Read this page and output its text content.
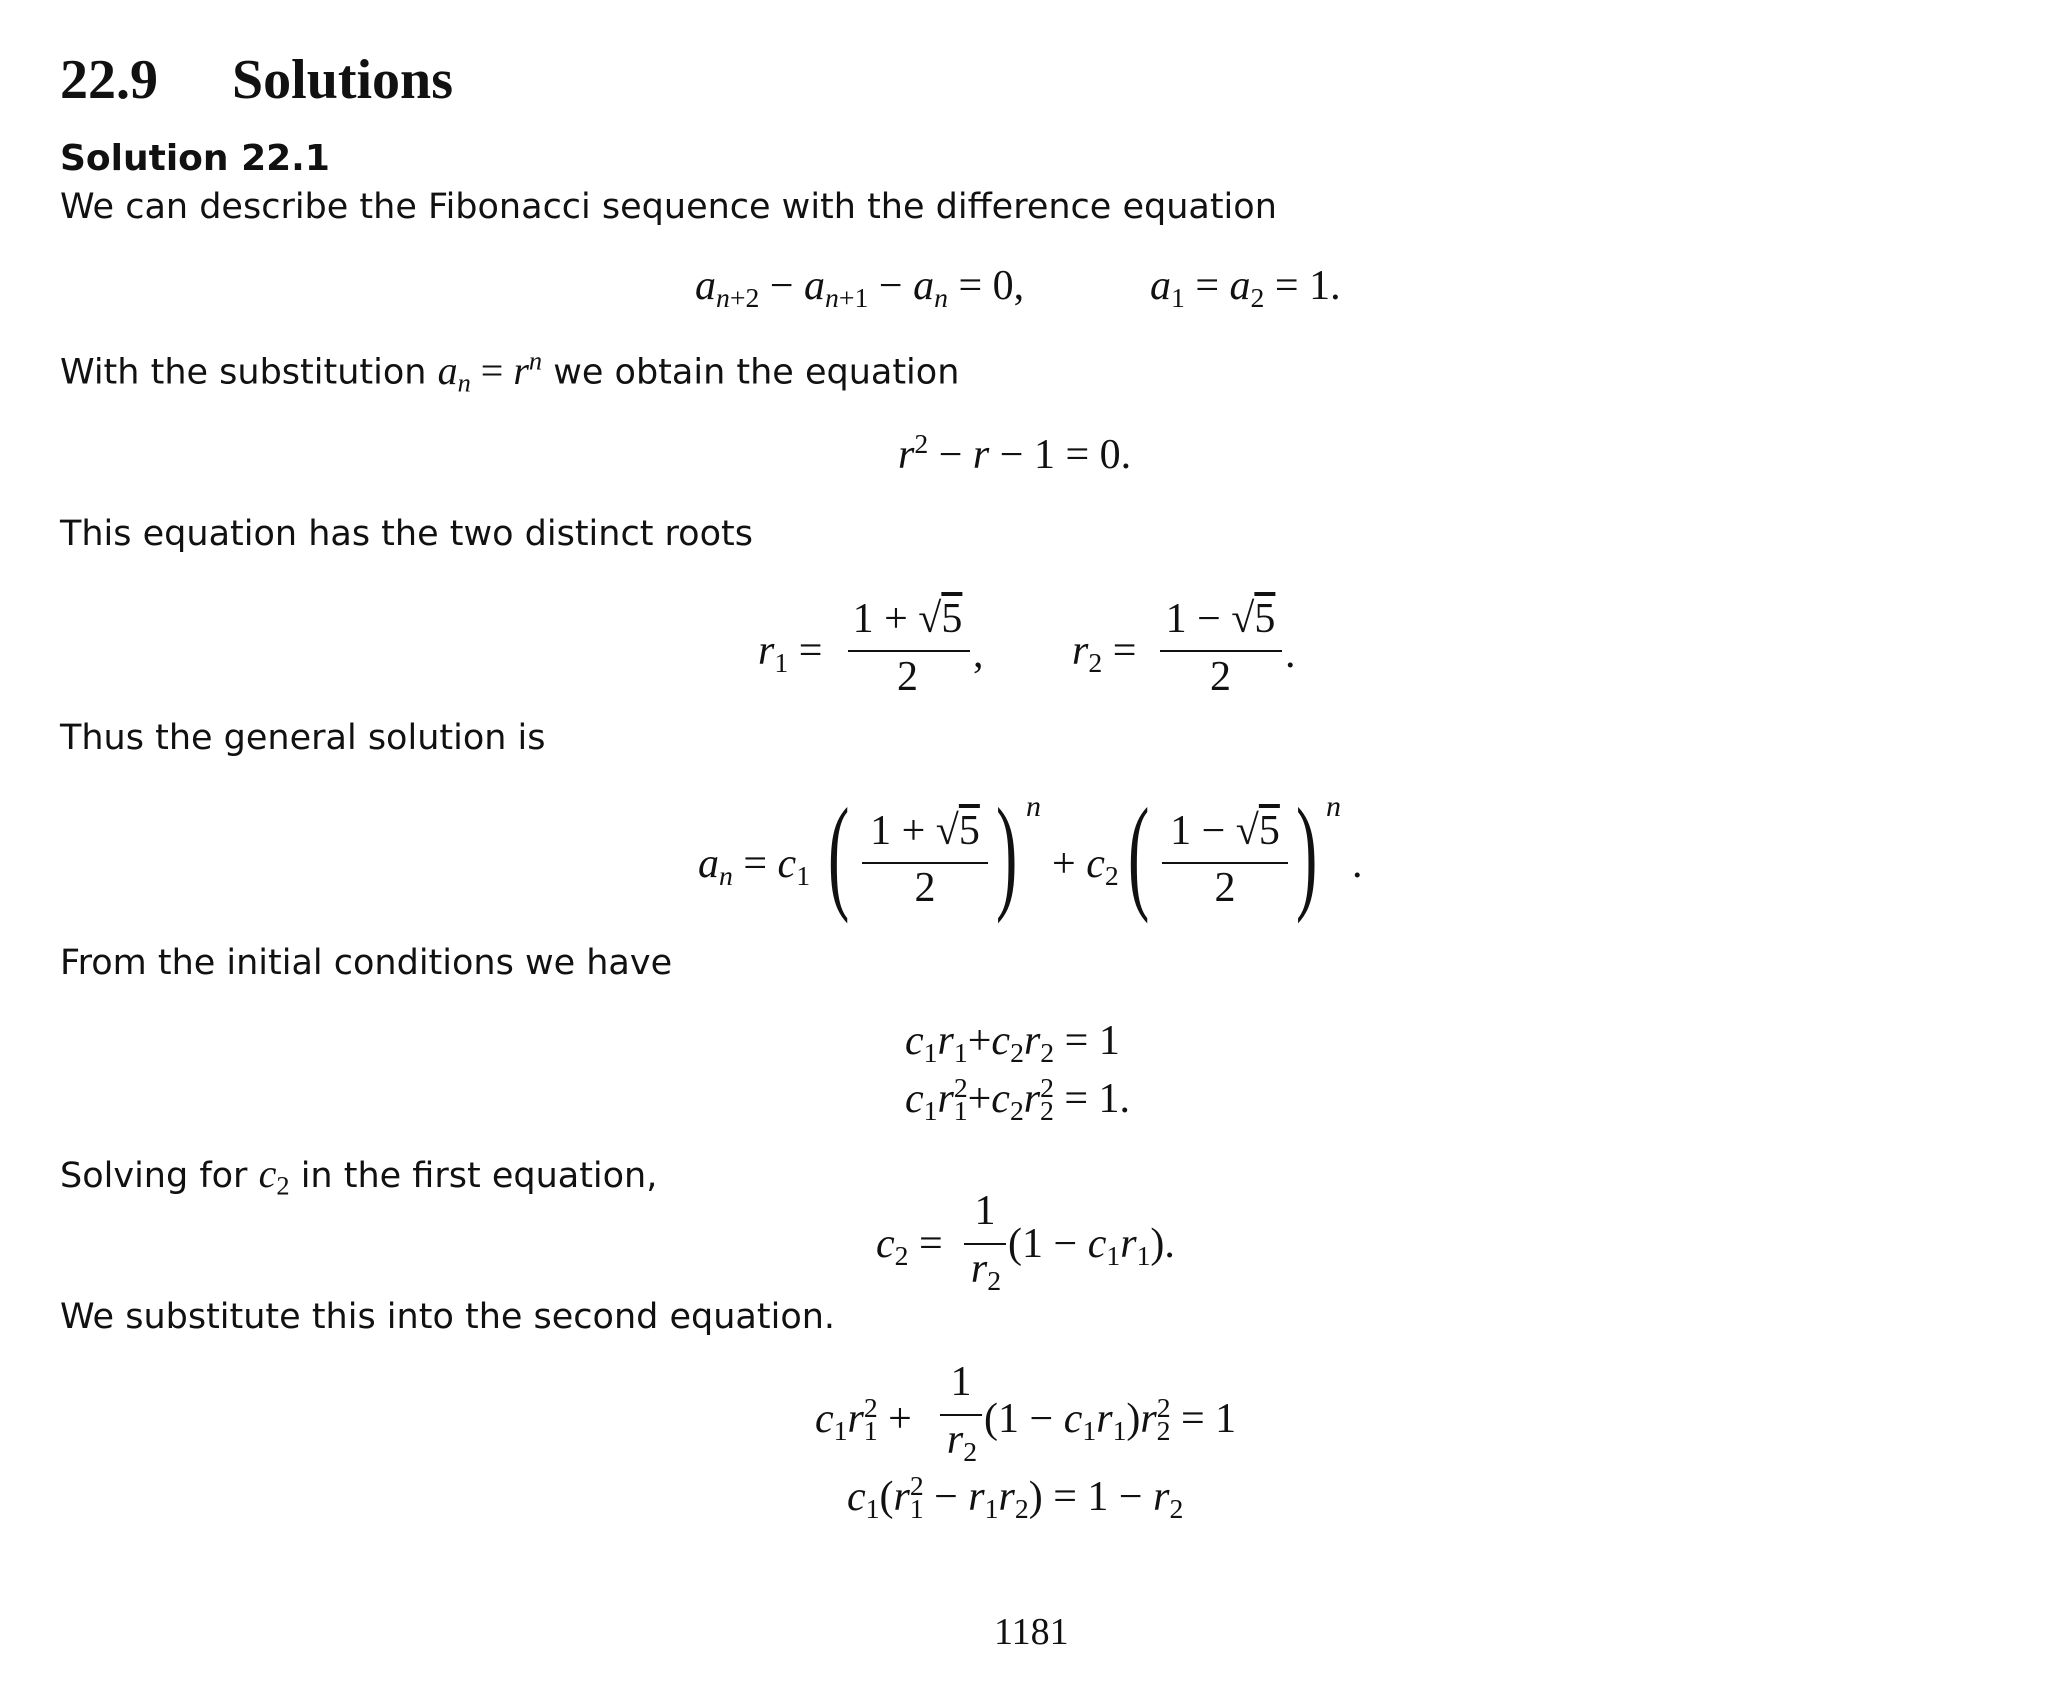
22.9 Solutions
Solution 22.1
We can describe the Fibonacci sequence with the difference equation
$an_{+2} - an_{+1}$ − an = 0,	$a_1 = a_2 = 1$.
With the substitution an = $r^n$ we obtain the equation
$r^2 - r - 1 = 0$.
This equation has the two distinct roots
$r_1$ =
1 + √5
2	, $r_2$ =
1 − √5
2	.
Thus the general solution is
an = $c_1$ ( 1 + √5
2 ) n
+ $c_2$ ( 1 − √5
2 ) n
.
From the initial conditions we have
$c_1r_1+c_2r_2 = 1$
$c_1r^2_1+c_2r^2_2 = 1$.
Solving for $c_2$ in the first equation,
$c_2$ =
1
$r_2$
$(1 - c_1r_1)$.
We substitute this into the second equation.
$c_1r^2_1$ +
1
$r_2$
$(1 - c_1r_1)r^2_2 = 1$
$c_1(r^2_1 - r_1r_2) = 1 - r_2$
1181
